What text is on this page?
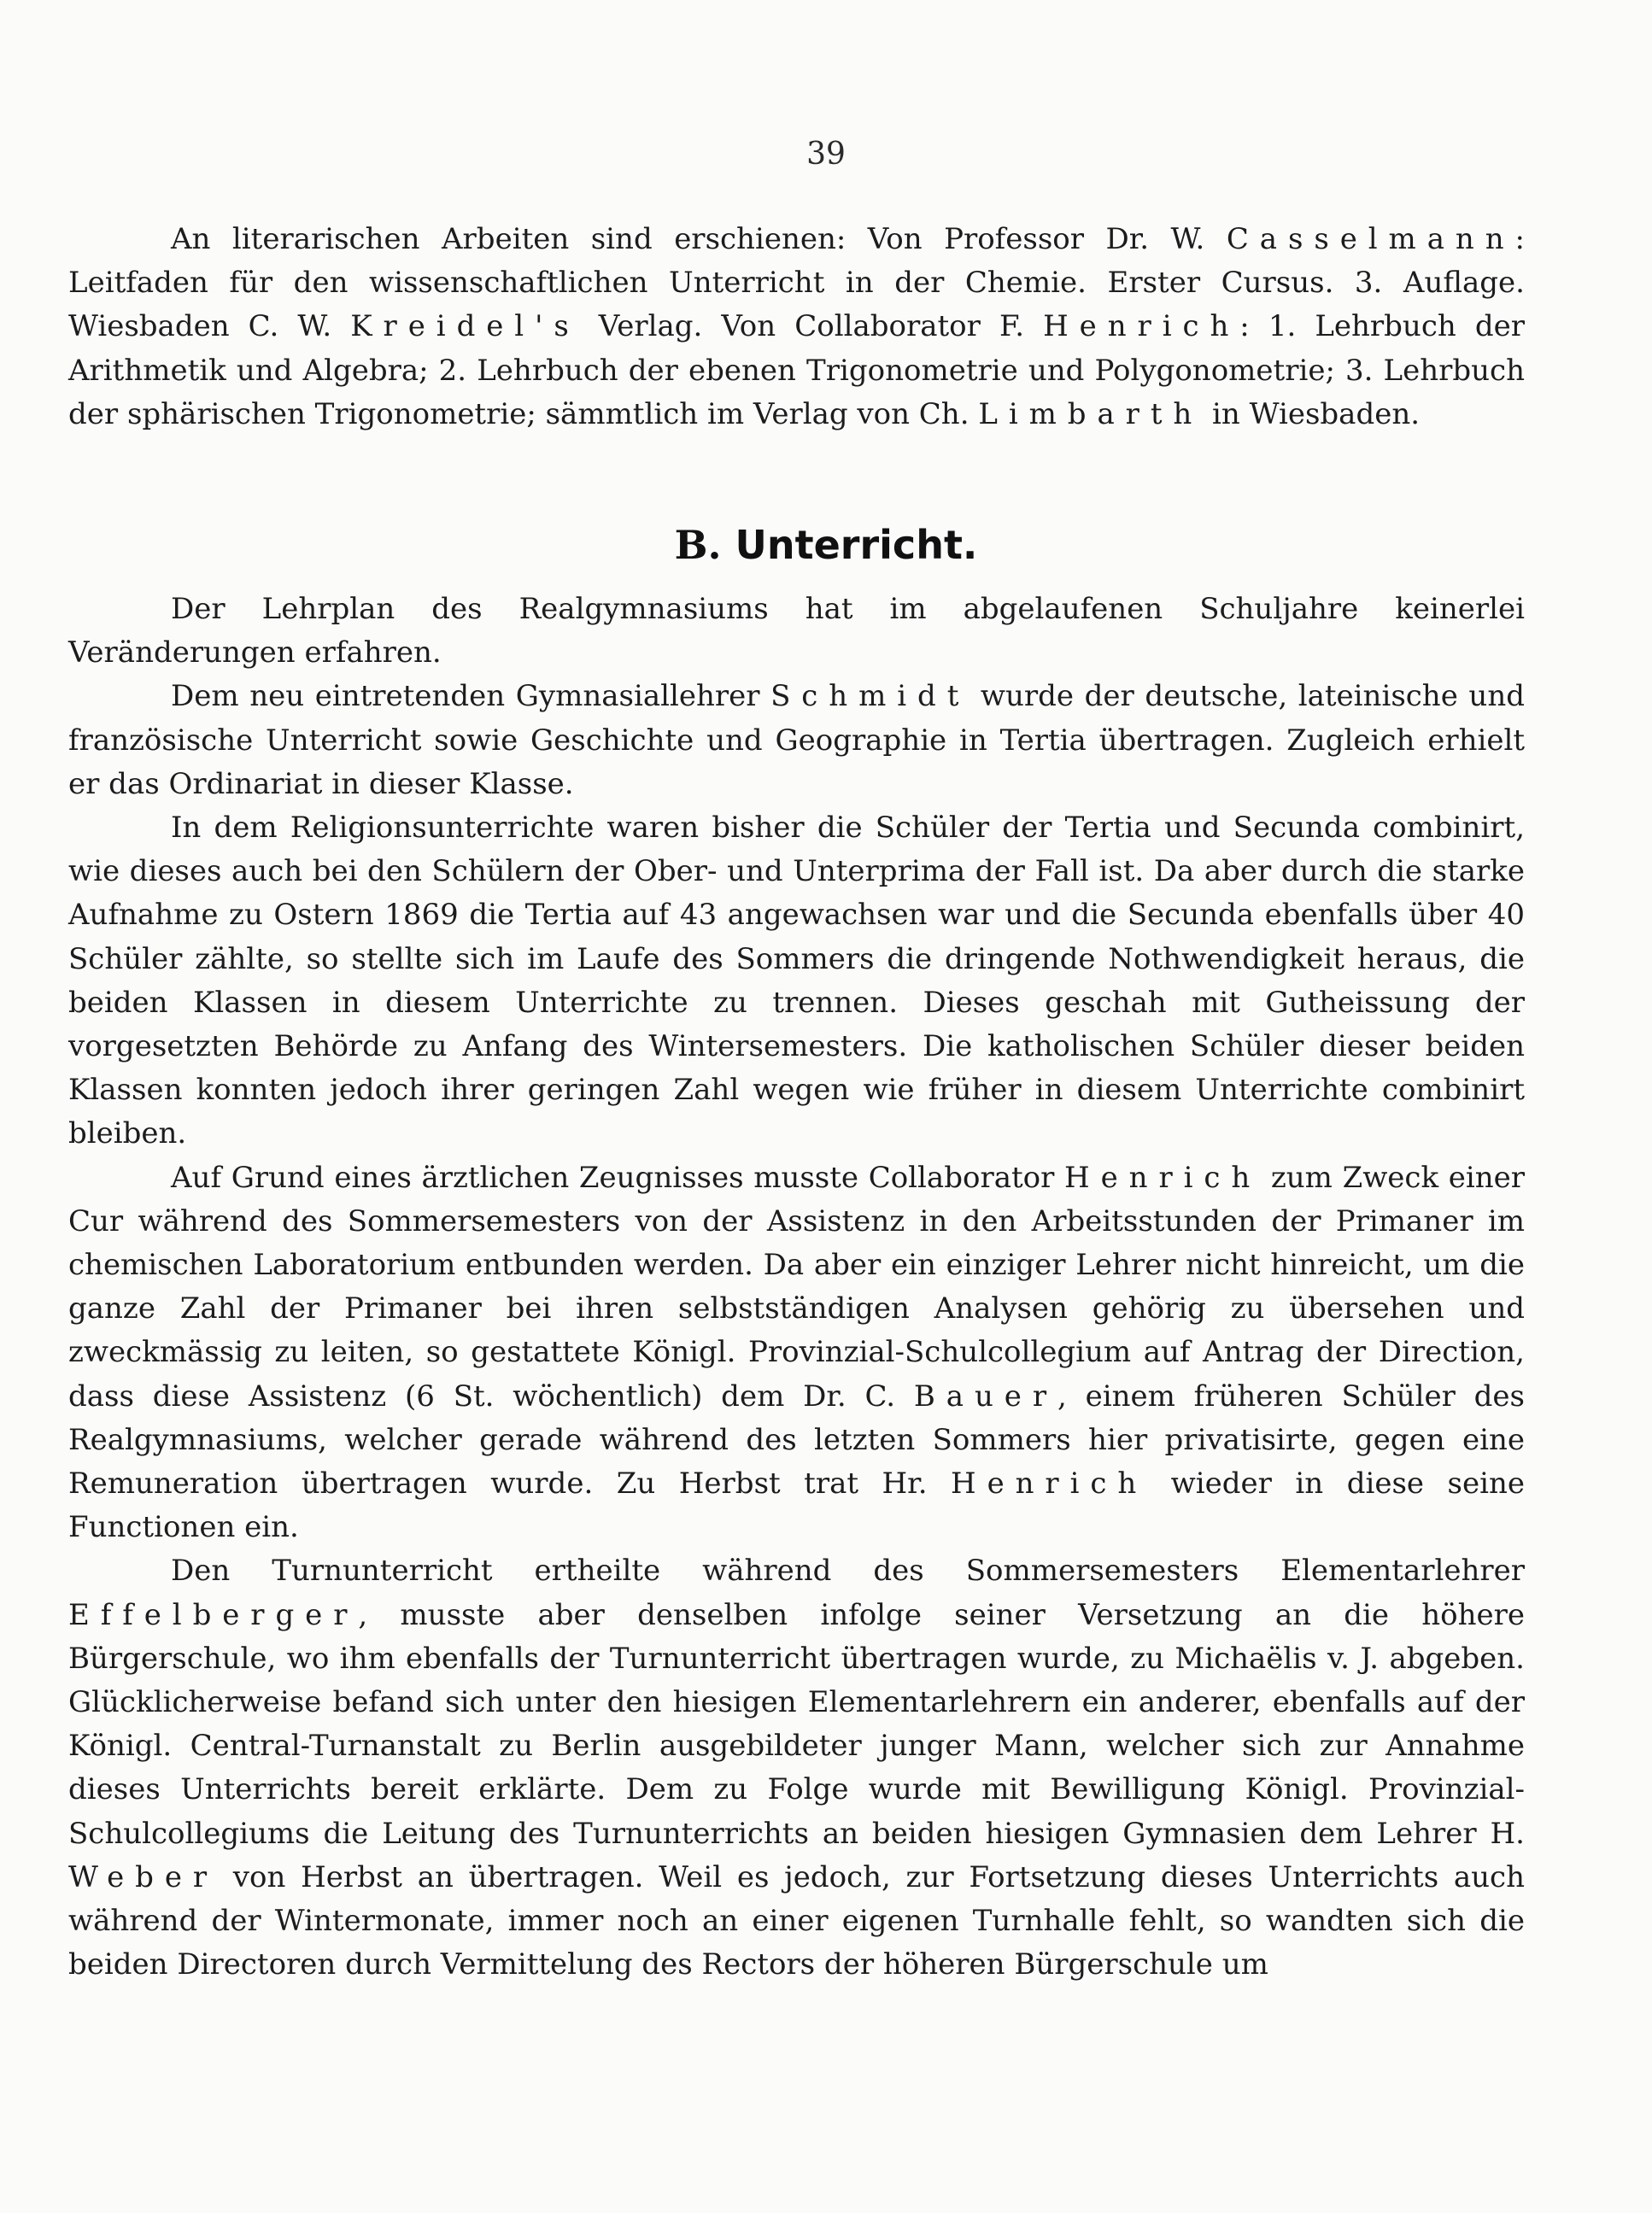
39

An literarischen Arbeiten sind erschienen: Von Professor Dr. W. Casselmann: Leitfaden für den wissenschaftlichen Unterricht in der Chemie. Erster Cursus. 3. Auflage. Wiesbaden C. W. Kreidel's Verlag. Von Collaborator F. Henrich: 1. Lehrbuch der Arithmetik und Algebra; 2. Lehrbuch der ebenen Trigonometrie und Polygonometrie; 3. Lehrbuch der sphärischen Trigonometrie; sämmtlich im Verlag von Ch. Limbarth in Wiesbaden.

B. Unterricht.

Der Lehrplan des Realgymnasiums hat im abgelaufenen Schuljahre keinerlei Veränderungen erfahren.

Dem neu eintretenden Gymnasiallehrer Schmidt wurde der deutsche, lateinische und französische Unterricht sowie Geschichte und Geographie in Tertia übertragen. Zugleich erhielt er das Ordinariat in dieser Klasse.

In dem Religionsunterrichte waren bisher die Schüler der Tertia und Secunda combinirt, wie dieses auch bei den Schülern der Ober- und Unterprima der Fall ist. Da aber durch die starke Aufnahme zu Ostern 1869 die Tertia auf 43 angewachsen war und die Secunda ebenfalls über 40 Schüler zählte, so stellte sich im Laufe des Sommers die dringende Nothwendigkeit heraus, die beiden Klassen in diesem Unterrichte zu trennen. Dieses geschah mit Gutheissung der vorgesetzten Behörde zu Anfang des Wintersemesters. Die katholischen Schüler dieser beiden Klassen konnten jedoch ihrer geringen Zahl wegen wie früher in diesem Unterrichte combinirt bleiben.

Auf Grund eines ärztlichen Zeugnisses musste Collaborator Henrich zum Zweck einer Cur während des Sommersemesters von der Assistenz in den Arbeitsstunden der Primaner im chemischen Laboratorium entbunden werden. Da aber ein einziger Lehrer nicht hinreicht, um die ganze Zahl der Primaner bei ihren selbstständigen Analysen gehörig zu übersehen und zweckmässig zu leiten, so gestattete Königl. Provinzial-Schulcollegium auf Antrag der Direction, dass diese Assistenz (6 St. wöchentlich) dem Dr. C. Bauer, einem früheren Schüler des Realgymnasiums, welcher gerade während des letzten Sommers hier privatisirte, gegen eine Remuneration übertragen wurde. Zu Herbst trat Hr. Henrich wieder in diese seine Functionen ein.

Den Turnunterricht ertheilte während des Sommersemesters Elementarlehrer Effelberger, musste aber denselben infolge seiner Versetzung an die höhere Bürgerschule, wo ihm ebenfalls der Turnunterricht übertragen wurde, zu Michaëlis v. J. abgeben. Glücklicherweise befand sich unter den hiesigen Elementarlehrern ein anderer, ebenfalls auf der Königl. Central-Turnanstalt zu Berlin ausgebildeter junger Mann, welcher sich zur Annahme dieses Unterrichts bereit erklärte. Dem zu Folge wurde mit Bewilligung Königl. Provinzial-Schulcollegiums die Leitung des Turnunterrichts an beiden hiesigen Gymnasien dem Lehrer H. Weber von Herbst an übertragen. Weil es jedoch, zur Fortsetzung dieses Unterrichts auch während der Wintermonate, immer noch an einer eigenen Turnhalle fehlt, so wandten sich die beiden Directoren durch Vermittelung des Rectors der höheren Bürgerschule um
